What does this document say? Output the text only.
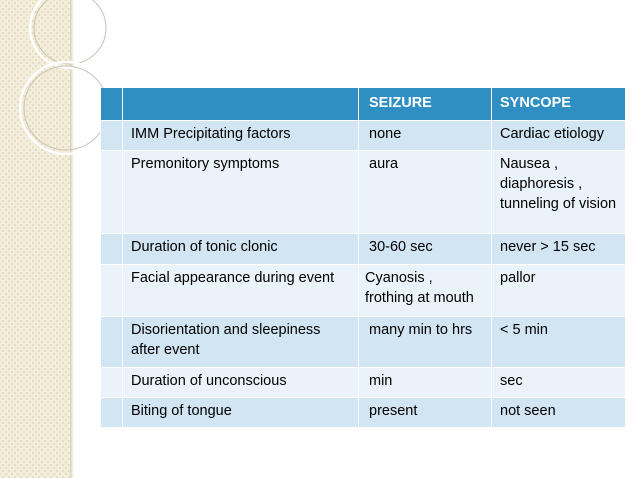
		SEIZURE	SYNCOPE
	IMM Precipitating factors	none	Cardiac etiology
	Premonitory symptoms	aura	Nausea , diaphoresis , tunneling of vision
	Duration of tonic clonic	30-60 sec	never > 15 sec
	Facial appearance during event	Cyanosis , frothing at mouth	pallor
	Disorientation and sleepiness after event	many min to hrs	< 5 min
	Duration of unconscious	min	sec
	Biting of tongue	present	not seen
